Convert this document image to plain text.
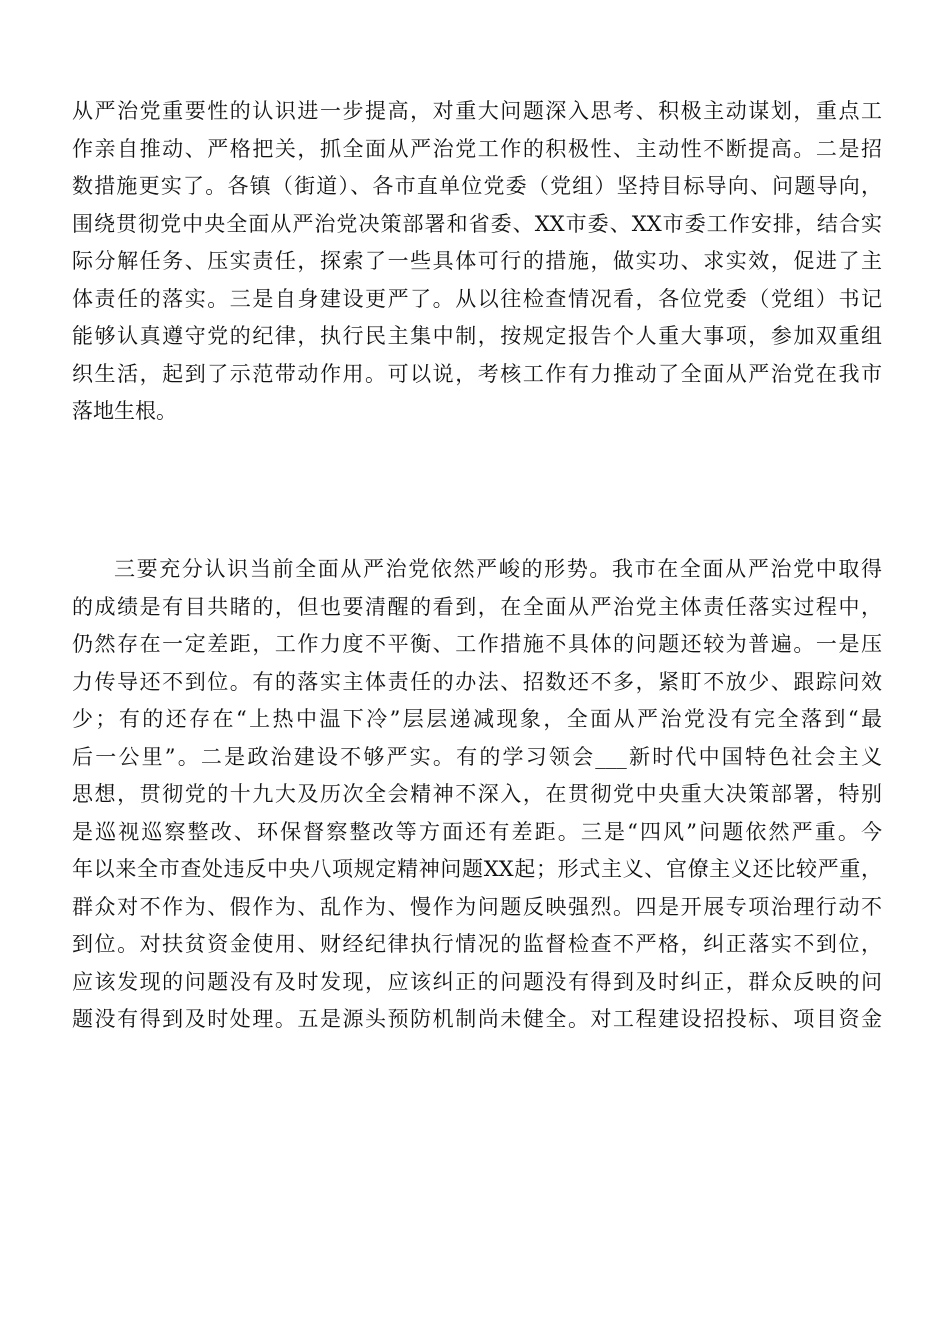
从严治党重要性的认识进一步提高，对重大问题深入思考、积极主动谋划，重点工
作亲自推动、严格把关，抓全面从严治党工作的积极性、主动性不断提高。二是招
数措施更实了。各镇（街道）、各市直单位党委（党组）坚持目标导向、问题导向，
围绕贯彻党中央全面从严治党决策部署和省委、XX市委、XX市委工作安排，结合实
际分解任务、压实责任，探索了一些具体可行的措施，做实功、求实效，促进了主
体责任的落实。三是自身建设更严了。从以往检查情况看，各位党委（党组）书记
能够认真遵守党的纪律，执行民主集中制，按规定报告个人重大事项，参加双重组
织生活，起到了示范带动作用。可以说，考核工作有力推动了全面从严治党在我市
落地生根。
三要充分认识当前全面从严治党依然严峻的形势。我市在全面从严治党中取得
的成绩是有目共睹的，但也要清醒的看到，在全面从严治党主体责任落实过程中，
仍然存在一定差距，工作力度不平衡、工作措施不具体的问题还较为普遍。一是压
力传导还不到位。有的落实主体责任的办法、招数还不多，紧盯不放少、跟踪问效
少；有的还存在“上热中温下冷”层层递减现象，全面从严治党没有完全落到“最
后一公里”。二是政治建设不够严实。有的学习领会___新时代中国特色社会主义
思想，贯彻党的十九大及历次全会精神不深入，在贯彻党中央重大决策部署，特别
是巡视巡察整改、环保督察整改等方面还有差距。三是“四风”问题依然严重。今
年以来全市查处违反中央八项规定精神问题XX起；形式主义、官僚主义还比较严重，
群众对不作为、假作为、乱作为、慢作为问题反映强烈。四是开展专项治理行动不
到位。对扶贫资金使用、财经纪律执行情况的监督检查不严格，纠正落实不到位，
应该发现的问题没有及时发现，应该纠正的问题没有得到及时纠正，群众反映的问
题没有得到及时处理。五是源头预防机制尚未健全。对工程建设招投标、项目资金
